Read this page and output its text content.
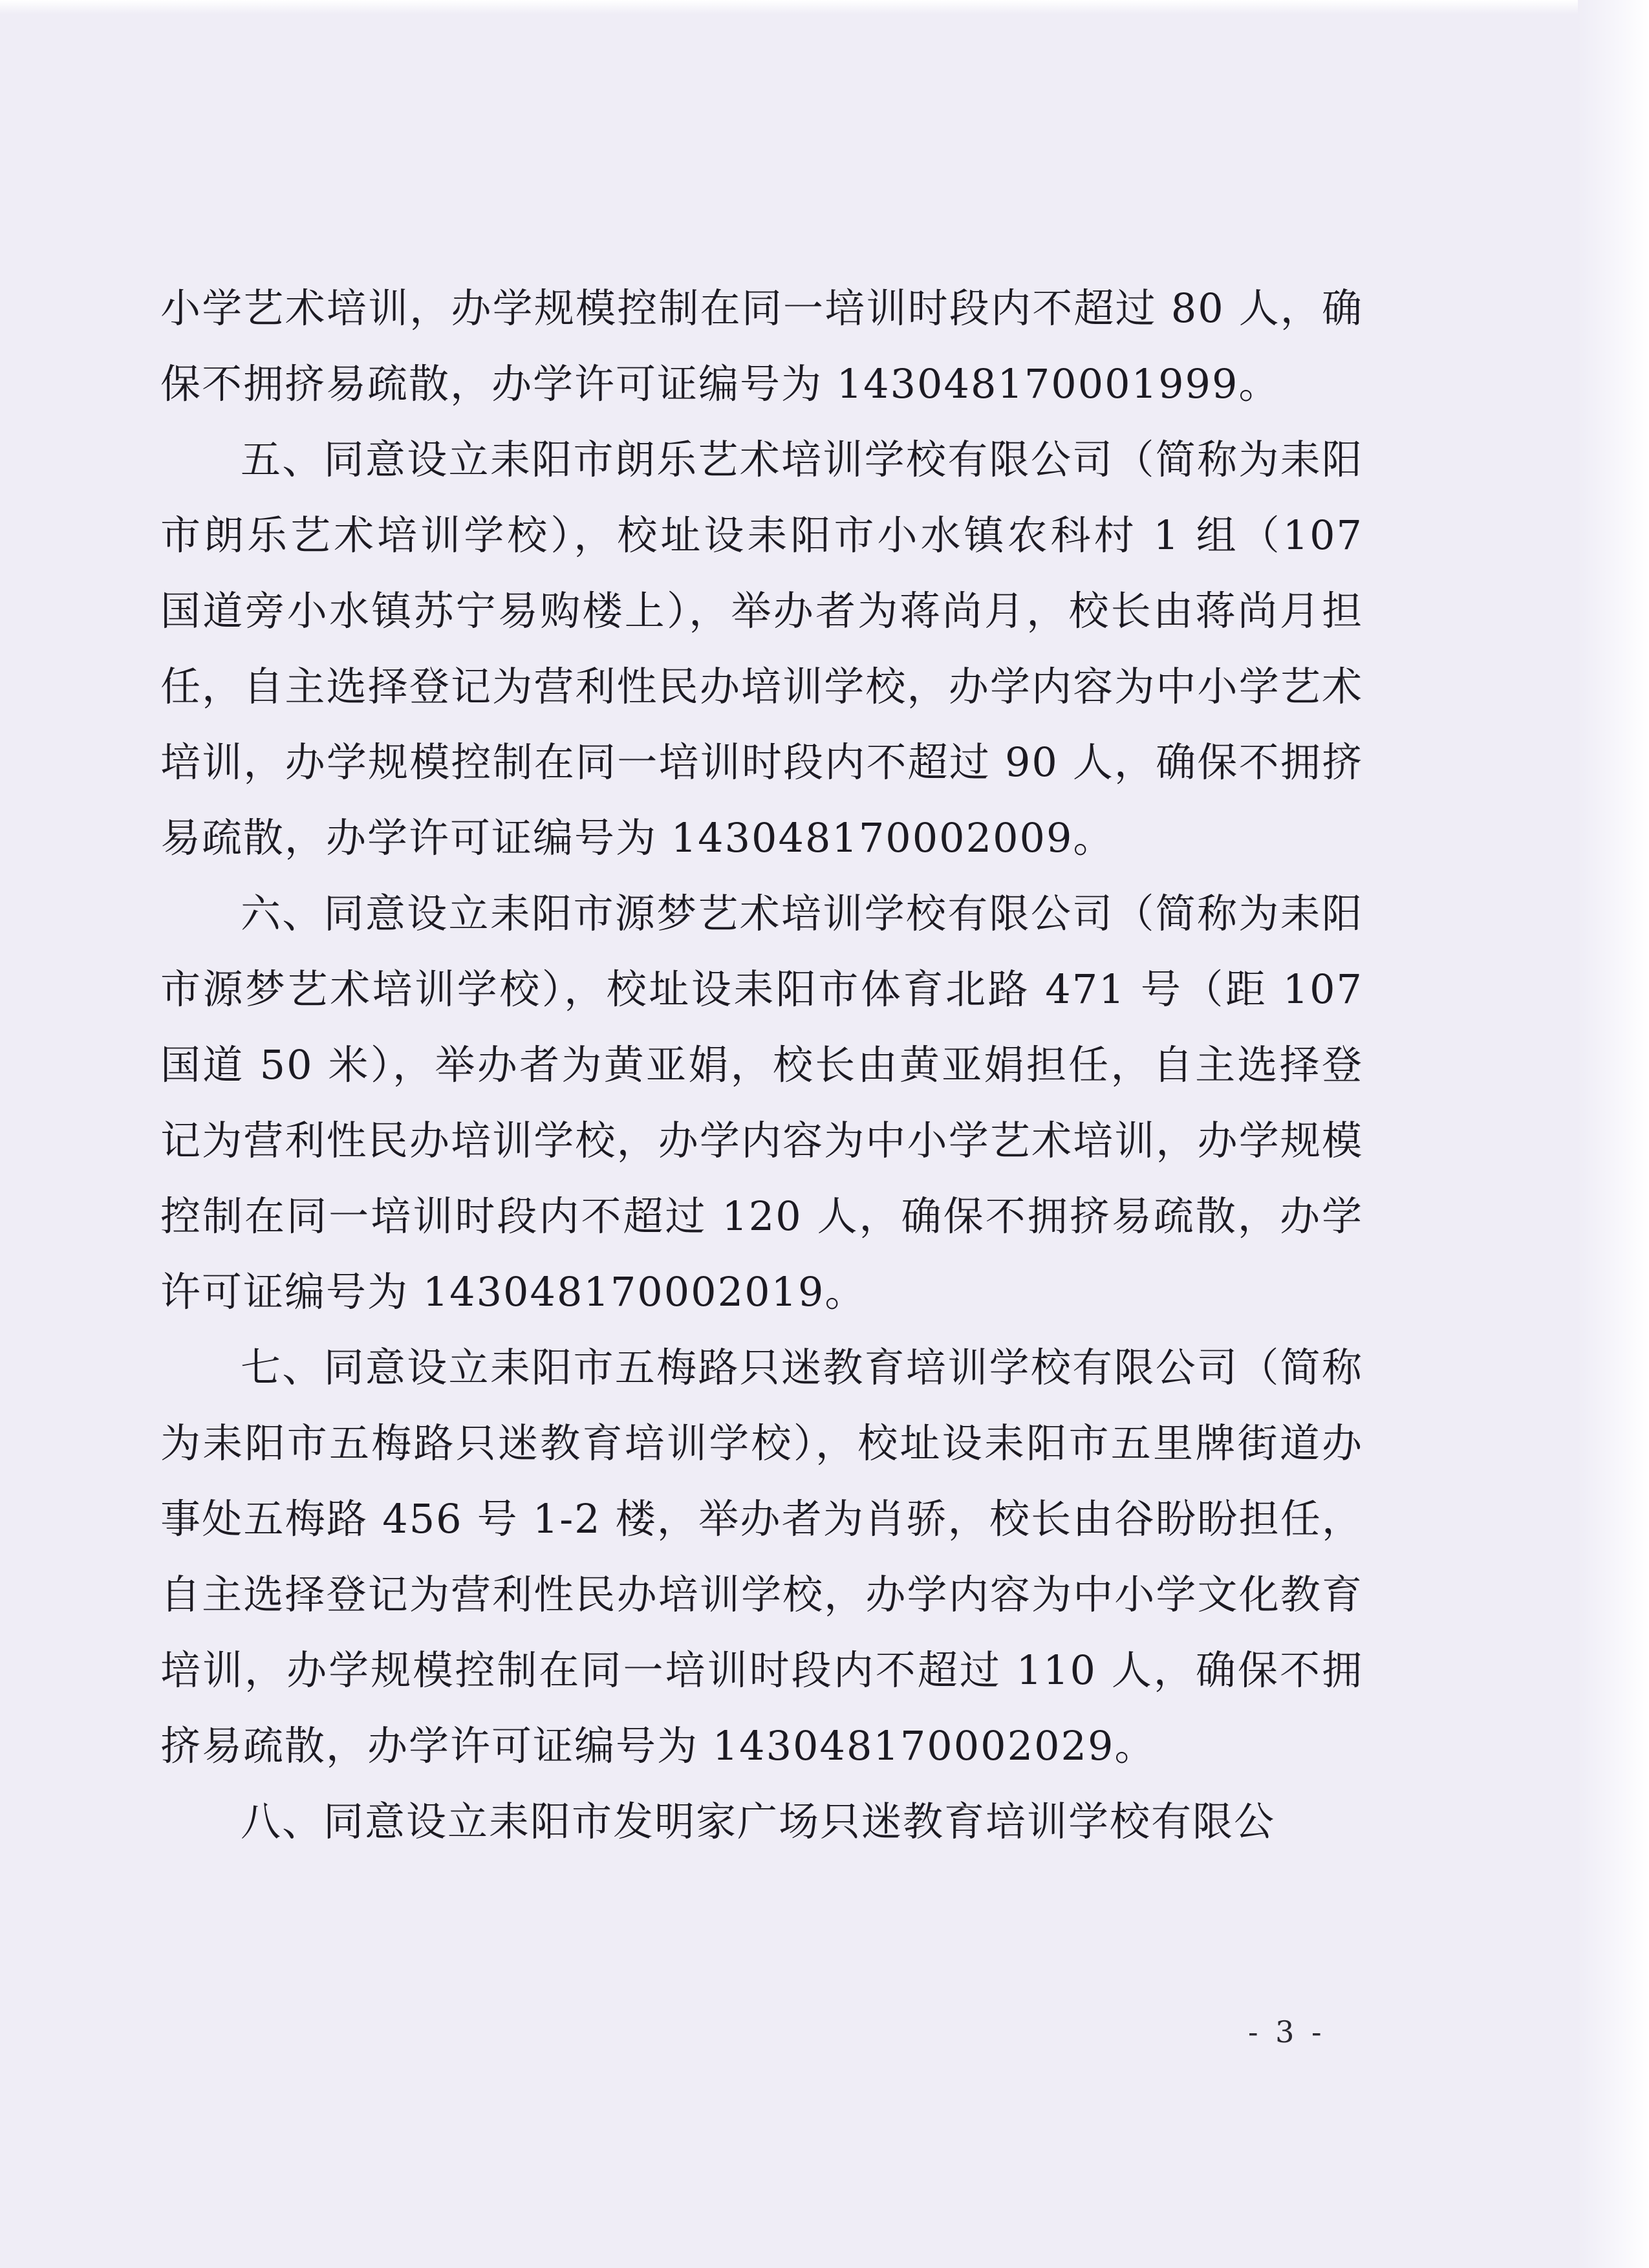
小学艺术培训，办学规模控制在同一培训时段内不超过 80 人，确保不拥挤易疏散，办学许可证编号为 143048170001999。

五、同意设立耒阳市朗乐艺术培训学校有限公司（简称为耒阳市朗乐艺术培训学校），校址设耒阳市小水镇农科村 1 组（107 国道旁小水镇苏宁易购楼上），举办者为蒋尚月，校长由蒋尚月担任，自主选择登记为营利性民办培训学校，办学内容为中小学艺术培训，办学规模控制在同一培训时段内不超过 90 人，确保不拥挤易疏散，办学许可证编号为 143048170002009。

六、同意设立耒阳市源梦艺术培训学校有限公司（简称为耒阳市源梦艺术培训学校），校址设耒阳市体育北路 471 号（距 107 国道 50 米），举办者为黄亚娟，校长由黄亚娟担任，自主选择登记为营利性民办培训学校，办学内容为中小学艺术培训，办学规模控制在同一培训时段内不超过 120 人，确保不拥挤易疏散，办学许可证编号为 143048170002019。

七、同意设立耒阳市五梅路只迷教育培训学校有限公司（简称为耒阳市五梅路只迷教育培训学校），校址设耒阳市五里牌街道办事处五梅路 456 号 1-2 楼，举办者为肖骄，校长由谷盼盼担任，自主选择登记为营利性民办培训学校，办学内容为中小学文化教育培训，办学规模控制在同一培训时段内不超过 110 人，确保不拥挤易疏散，办学许可证编号为 143048170002029。

八、同意设立耒阳市发明家广场只迷教育培训学校有限公

- 3 -
